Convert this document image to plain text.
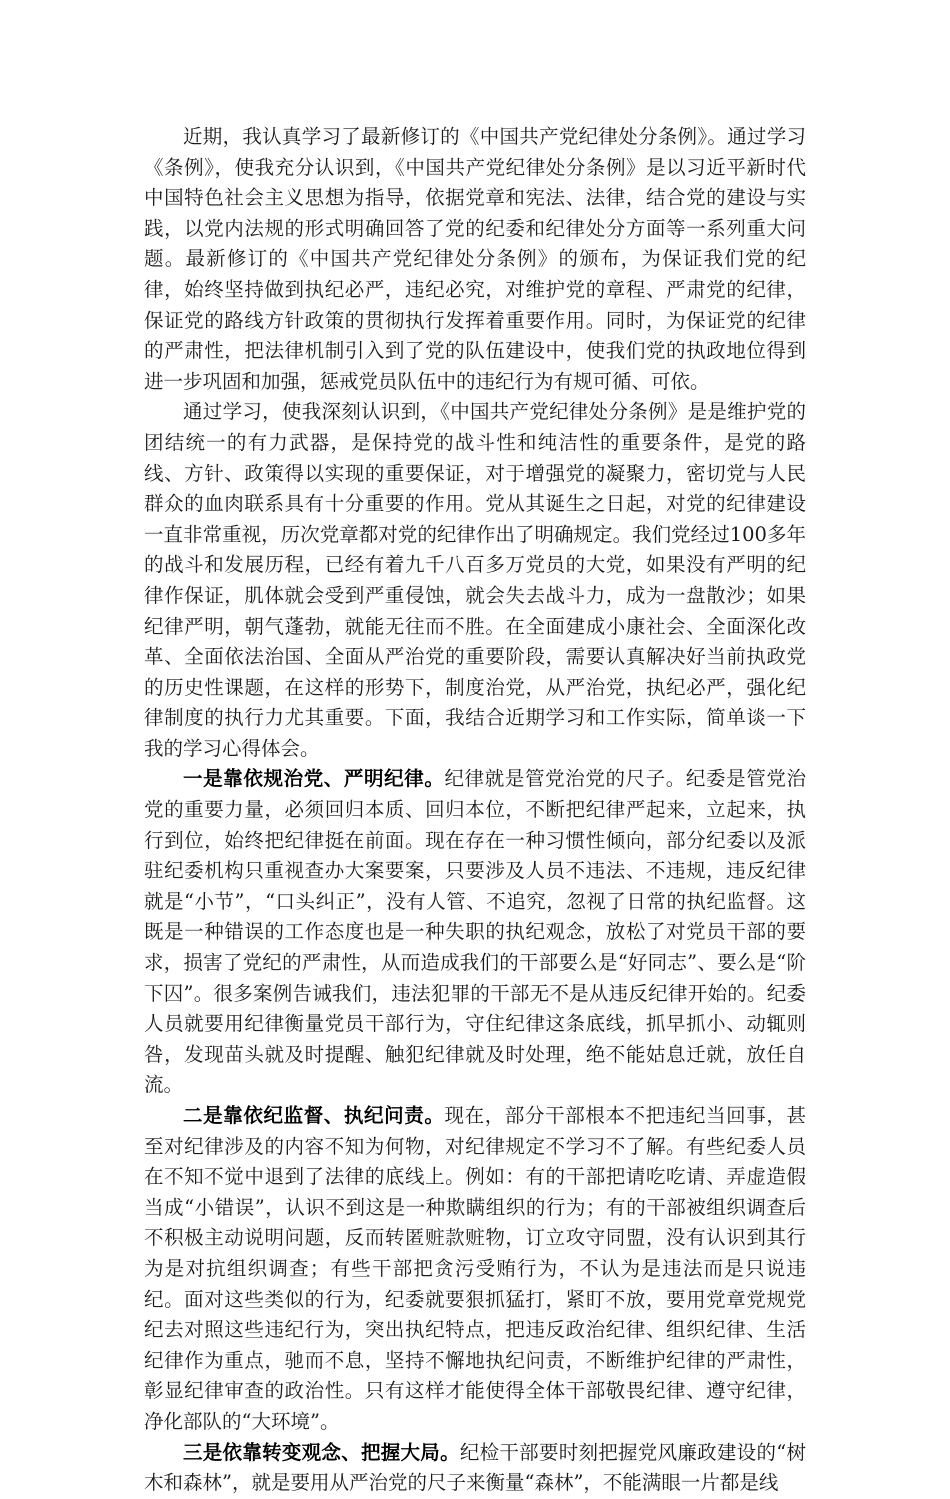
近期，我认真学习了最新修订的《中国共产党纪律处分条例》。通过学习《条例》，使我充分认识到，《中国共产党纪律处分条例》是以习近平新时代中国特色社会主义思想为指导，依据党章和宪法、法律，结合党的建设与实践，以党内法规的形式明确回答了党的纪委和纪律处分方面等一系列重大问题。最新修订的《中国共产党纪律处分条例》的颁布，为保证我们党的纪律，始终坚持做到执纪必严，违纪必究，对维护党的章程、严肃党的纪律，保证党的路线方针政策的贯彻执行发挥着重要作用。同时，为保证党的纪律的严肃性，把法律机制引入到了党的队伍建设中，使我们党的执政地位得到进一步巩固和加强，惩戒党员队伍中的违纪行为有规可循、可依。

通过学习，使我深刻认识到，《中国共产党纪律处分条例》是是维护党的团结统一的有力武器，是保持党的战斗性和纯洁性的重要条件，是党的路线、方针、政策得以实现的重要保证，对于增强党的凝聚力，密切党与人民群众的血肉联系具有十分重要的作用。党从其诞生之日起，对党的纪律建设一直非常重视，历次党章都对党的纪律作出了明确规定。我们党经过100多年的战斗和发展历程，已经有着九千八百多万党员的大党，如果没有严明的纪律作保证，肌体就会受到严重侵蚀，就会失去战斗力，成为一盘散沙；如果纪律严明，朝气蓬勃，就能无往而不胜。在全面建成小康社会、全面深化改革、全面依法治国、全面从严治党的重要阶段，需要认真解决好当前执政党的历史性课题，在这样的形势下，制度治党，从严治党，执纪必严，强化纪律制度的执行力尤其重要。下面，我结合近期学习和工作实际，简单谈一下我的学习心得体会。

一是靠依规治党、严明纪律。纪律就是管党治党的尺子。纪委是管党治党的重要力量，必须回归本质、回归本位，不断把纪律严起来，立起来，执行到位，始终把纪律挺在前面。现在存在一种习惯性倾向，部分纪委以及派驻纪委机构只重视查办大案要案，只要涉及人员不违法、不违规，违反纪律就是“小节”，“口头纠正”，没有人管、不追究，忽视了日常的执纪监督。这既是一种错误的工作态度也是一种失职的执纪观念，放松了对党员干部的要求，损害了党纪的严肃性，从而造成我们的干部要么是“好同志”、要么是“阶下囚”。很多案例告诫我们，违法犯罪的干部无不是从违反纪律开始的。纪委人员就要用纪律衡量党员干部行为，守住纪律这条底线，抓早抓小、动辄则咎，发现苗头就及时提醒、触犯纪律就及时处理，绝不能姑息迁就，放任自流。

二是靠依纪监督、执纪问责。现在，部分干部根本不把违纪当回事，甚至对纪律涉及的内容不知为何物，对纪律规定不学习不了解。有些纪委人员在不知不觉中退到了法律的底线上。例如：有的干部把请吃吃请、弄虚造假当成“小错误”，认识不到这是一种欺瞒组织的行为；有的干部被组织调查后不积极主动说明问题，反而转匿赃款赃物，订立攻守同盟，没有认识到其行为是对抗组织调查；有些干部把贪污受贿行为，不认为是违法而是只说违纪。面对这些类似的行为，纪委就要狠抓猛打，紧盯不放，要用党章党规党纪去对照这些违纪行为，突出执纪特点，把违反政治纪律、组织纪律、生活纪律作为重点，驰而不息，坚持不懈地执纪问责，不断维护纪律的严肃性，彰显纪律审查的政治性。只有这样才能使得全体干部敬畏纪律、遵守纪律，净化部队的“大环境”。

三是依靠转变观念、把握大局。纪检干部要时刻把握党风廉政建设的“树木和森林”，就是要用从严治党的尺子来衡量“森林”，不能满眼一片都是线
